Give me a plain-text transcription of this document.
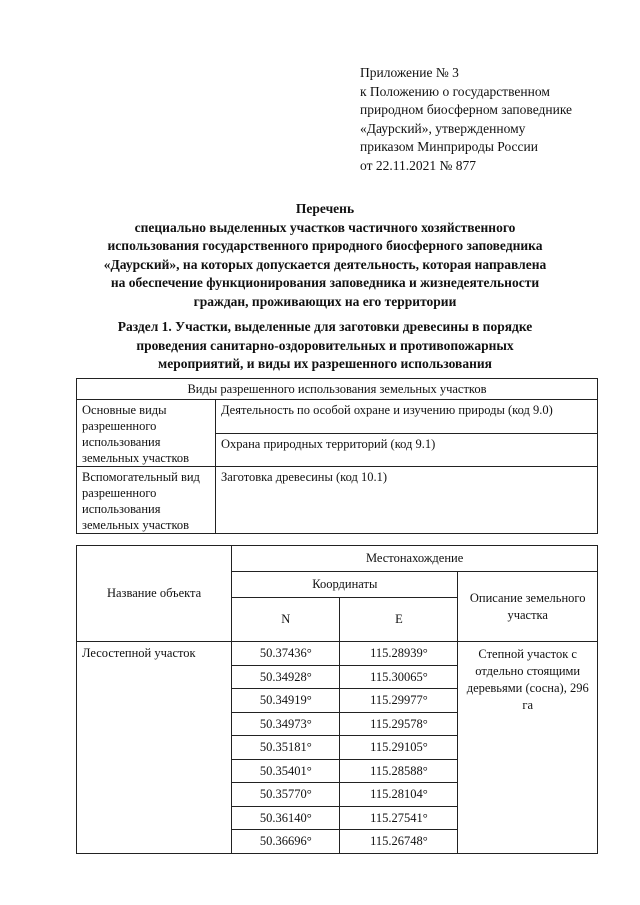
Приложение № 3
к Положению о государственном
природном биосферном заповеднике
«Даурский», утвержденному
приказом Минприроды России
от 22.11.2021 № 877
Перечень
специально выделенных участков частичного хозяйственного
использования государственного природного биосферного заповедника
«Даурский», на которых допускается деятельность, которая направлена
на обеспечение функционирования заповедника и жизнедеятельности
граждан, проживающих на его территории
Раздел 1. Участки, выделенные для заготовки древесины в порядке
проведения санитарно-оздоровительных и противопожарных
мероприятий, и виды их разрешенного использования
Виды разрешенного использования земельных участков	
Основные виды разрешенного использования земельных участков	Деятельность по особой охране и изучению природы (код 9.0)
	Охрана природных территорий (код 9.1)
Вспомогательный вид разрешенного использования земельных участков	Заготовка древесины (код 10.1)
Название объекта	Местонахождение		
	Координаты		Описание земельного участка
	N	E	
Лесостепной участок	50.37436°	115.28939°	Степной участок с отдельно стоящими деревьями (сосна), 296 га
	50.34928°	115.30065°	
	50.34919°	115.29977°	
	50.34973°	115.29578°	
	50.35181°	115.29105°	
	50.35401°	115.28588°	
	50.35770°	115.28104°	
	50.36140°	115.27541°	
	50.36696°	115.26748°	
